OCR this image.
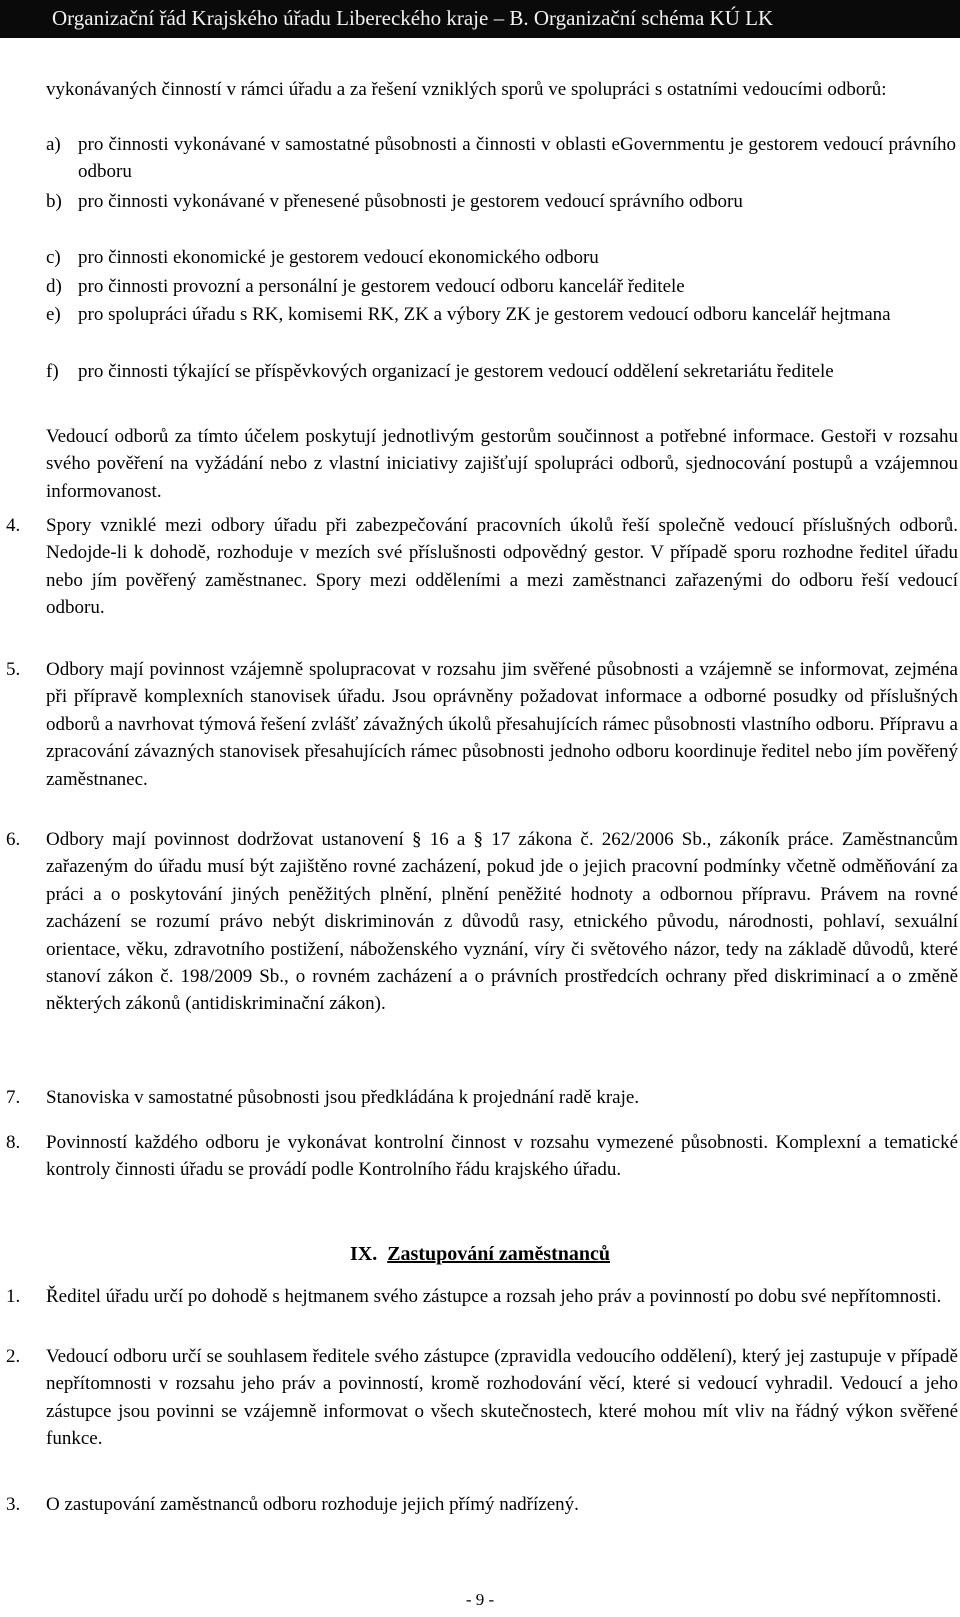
Organizační řád Krajského úřadu Libereckého kraje – B. Organizační schéma KÚ LK
vykonávaných činností v rámci úřadu a za řešení vzniklých sporů ve spolupráci s ostatními vedoucími odborů:
a) pro činnosti vykonávané v samostatné působnosti a činnosti v oblasti eGovernmentu je gestorem vedoucí právního odboru
b) pro činnosti vykonávané v přenesené působnosti je gestorem vedoucí správního odboru
c) pro činnosti ekonomické je gestorem vedoucí ekonomického odboru
d) pro činnosti provozní a personální je gestorem vedoucí odboru kancelář ředitele
e) pro spolupráci úřadu s RK, komisemi RK, ZK a výbory ZK je gestorem vedoucí odboru kancelář hejtmana
f) pro činnosti týkající se příspěvkových organizací je gestorem vedoucí oddělení sekretariátu ředitele
Vedoucí odborů za tímto účelem poskytují jednotlivým gestorům součinnost a potřebné informace. Gestoři v rozsahu svého pověření na vyžádání nebo z vlastní iniciativy zajišťují spolupráci odborů, sjednocování postupů a vzájemnou informovanost.
4. Spory vzniklé mezi odbory úřadu při zabezpečování pracovních úkolů řeší společně vedoucí příslušných odborů. Nedojde-li k dohodě, rozhoduje v mezích své příslušnosti odpovědný gestor. V případě sporu rozhodne ředitel úřadu nebo jím pověřený zaměstnanec. Spory mezi odděleními a mezi zaměstnanci zařazenými do odboru řeší vedoucí odboru.
5. Odbory mají povinnost vzájemně spolupracovat v rozsahu jim svěřené působnosti a vzájemně se informovat, zejména při přípravě komplexních stanovisek úřadu. Jsou oprávněny požadovat informace a odborné posudky od příslušných odborů a navrhovat týmová řešení zvlášť závažných úkolů přesahujících rámec působnosti vlastního odboru. Přípravu a zpracování závazných stanovisek přesahujících rámec působnosti jednoho odboru koordinuje ředitel nebo jím pověřený zaměstnanec.
6. Odbory mají povinnost dodržovat ustanovení § 16 a § 17 zákona č. 262/2006 Sb., zákoník práce. Zaměstnancům zařazeným do úřadu musí být zajištěno rovné zacházení, pokud jde o jejich pracovní podmínky včetně odměňování za práci a o poskytování jiných peněžitých plnění, plnění peněžité hodnoty a odbornou přípravu. Právem na rovné zacházení se rozumí právo nebýt diskriminován z důvodů rasy, etnického původu, národnosti, pohlaví, sexuální orientace, věku, zdravotního postižení, náboženského vyznání, víry či světového názor, tedy na základě důvodů, které stanoví zákon č. 198/2009 Sb., o rovném zacházení a o právních prostředcích ochrany před diskriminací a o změně některých zákonů (antidiskriminační zákon).
7. Stanoviska v samostatné působnosti jsou předkládána k projednání radě kraje.
8. Povinností každého odboru je vykonávat kontrolní činnost v rozsahu vymezené působnosti. Komplexní a tematické kontroly činnosti úřadu se provádí podle Kontrolního řádu krajského úřadu.
IX. Zastupování zaměstnanců
1. Ředitel úřadu určí po dohodě s hejtmanem svého zástupce a rozsah jeho práv a povinností po dobu své nepřítomnosti.
2. Vedoucí odboru určí se souhlasem ředitele svého zástupce (zpravidla vedoucího oddělení), který jej zastupuje v případě nepřítomnosti v rozsahu jeho práv a povinností, kromě rozhodování věcí, které si vedoucí vyhradil. Vedoucí a jeho zástupce jsou povinni se vzájemně informovat o všech skutečnostech, které mohou mít vliv na řádný výkon svěřené funkce.
3. O zastupování zaměstnanců odboru rozhoduje jejich přímý nadřízený.
- 9 -
